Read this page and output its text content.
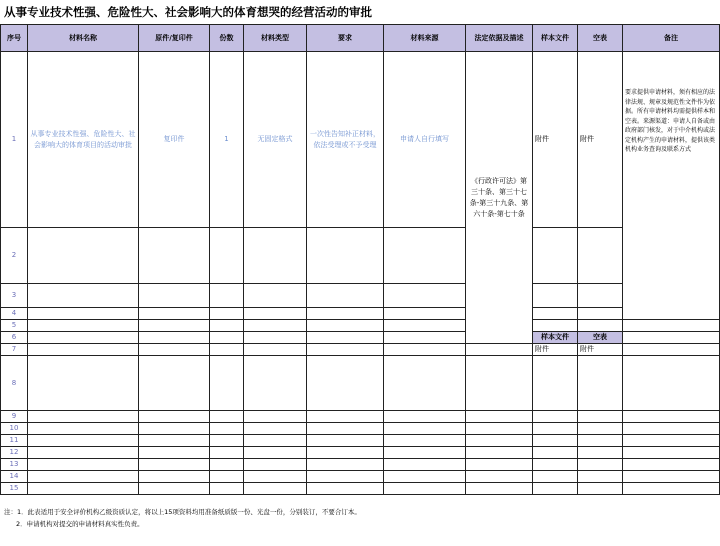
从事专业技术性强、危险性大、社会影响大的体育想哭的经营活动的审批
序号	材料名称	原件/复印件	份数	材料类型	要求	材料来源	法定依据及描述	样本文件	空表	备注
1	从事专业技术性强、危险性大、社会影响大的体育项目的活动审批	复印件	1	无固定格式	一次性告知补正材料，依法受理或不予受理	申请人自行填写	《行政许可法》第三十条、第三十七条-第三十九条、第六十条-第七十条	附件	附件	要求提供申请材料，须有相应的法律法规、规章及规范性文件作为依据。所有申请材料均需提供样本和空表。来源渠道：申请人自备或由政府部门核发，对于中介机构或法定机构产生的申请材料，提供该类机构业务查询及联系方式
2										
3										
4										
5										
6								样本文件	空表	
7								附件	附件	
8										
9										
10										
11										
12										
13										
14										
15										
注：1．此表适用于安全评价机构乙级资质认定，将以上15项资料均用准备纸质版一份、光盘一份，分别装订，不要合订本。
2．申请机构对提交的申请材料真实性负责。
